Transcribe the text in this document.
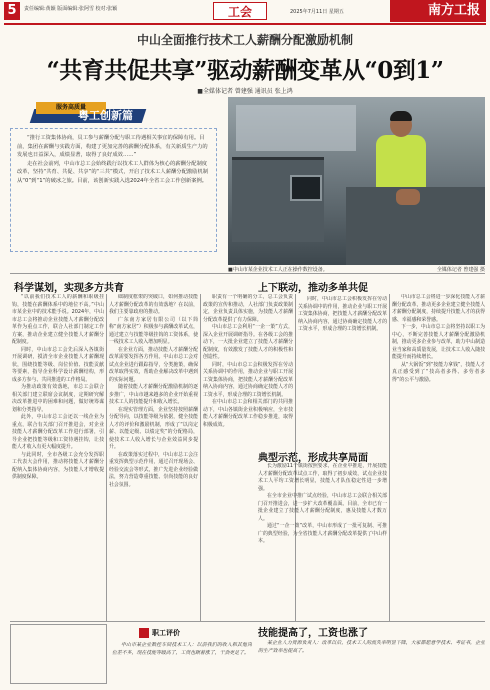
5	责任编辑:黄颖 版面编辑:张阿雪 校对:张颖	工会	2025年7月11日 星期五	南方工报
中山全面推行技术工人薪酬分配激励机制
“共育共促共享”驱动薪酬变革从“0到1”
■全媒体记者 曾建强 通讯员 张上鸿
服务高质量
粤工创新篇

“推行工资集体协商，员工参与薪酬分配与职工待遇相关事宜的保障有用。目前，集团在薪酬与实践方面，构建了更加完善的薪酬分配体系，有关新质生产力的发展也日益深入，成绩显著，取得了良好成效……”

走在社会前列，中山市总工会始终践行以技术工人群体为核心的薪酬分配制度改革，坚持“共育、共促、共享”的“三共”模式，开启了技术工人薪酬分配激励机制从“0”到“1”的破冰之旅。目前，该创新实践入选2024年全省工会工作创新案例。

■中山市某企业技术工人正在操作数控设备。	全媒体记者 曾建强 摄
科学谋划，实现多方共育	上下联动，推动多单共促
典型示范，形成共享局面
技能提高了，工资也涨了

“以前我们技术工人的薪酬和职级挂钩，技能在薪酬体系中的地位不高。”中山市某企业中的技术能手说。2024年，中山市总工会将推动企业技能人才薪酬分配改革作为重点工作，联合人社部门制定工作方案，推动企业建立健全技能人才薪酬分配制度。

同时，中山市总工会先后深入各镇街开展调研，摸清全市企业技能人才薪酬现状，围绕技能等级、岗位价值、技能贡献等要素，指导企业科学设计薪酬结构，形成多方参与、共同推进的工作格局。

为推动政策有效落地，市总工会联合相关部门建立联席会议制度，定期研究解决改革推进中的困难和问题，做好统筹谋划和分类指导。

此外，中山市总工会还以一线企业为重点，联合有关部门召开推进会，对企业技能人才薪酬分配改革工作进行部署，引导企业把技能等级和工资待遇挂钩，让技能人才收入有更大幅度提升。

与此同时，全市各级工会充分发挥职工代表大会作用，推动将技能人才薪酬分配纳入集体协商内容，为技能人才增收提供制度保障。

础制度框架的突破口，如何推动技能人才薪酬分配改革的有效落地？在以前，我们主要靠政府的推动。

广东南方家居有限公司（以下简称“南方家居”）积极参与薪酬改革试点，通过建立与技能等级挂钩的工资体系，使一线技术工人收入增加明显。

在企业方面，推动技能人才薪酬分配改革需要发挥各方作用。中山市总工会对试点企业进行跟踪指导，分类施策，确保改革取得实效，帮助企业解决改革中遇到的实际问题。

随着技能人才薪酬分配激励机制的逐步推广，中山市越来越多的企业开始重视技术工人的技能提升和收入增长。

在现实管理方面，企业坚持按照薪酬分配导向，以技能等级为依据，健全技能人才的评价和激励机制，形成了“以岗定薪、以能定级、以绩定奖”的分配格局，使技术工人收入增长与企业效益同步提升。

在政策落实过程中，中山市总工会注重发挥典型示范作用，通过召开现场会、经验交流会等形式，推广先进企业经验做法，努力营造尊重技能、崇尚技能的良好社会氛围。

职责有一个明确的分工，总工会负责政策的宣传和推动，人社部门负责政策制定，企业负责具体实施，为技能人才薪酬分配改革提供了有力保障。

中山市总工会利用“一企一策”方式，深入企业开展调研指导。在各级工会的推动下，一大批企业建立了技能人才薪酬分配制度，有效激发了技能人才的积极性和创造性。

同时，中山市总工会积极发挥在劳动关系协调中的作用，推动企业与职工开展工资集体协商，把技能人才薪酬分配改革纳入协商内容，通过协商确定技能人才的工资水平，形成合理的工资增长机制。

在中山市总工会和相关部门的共同推动下，中山各镇街企业积极响应，全市技能人才薪酬分配改革工作稳步推进，取得积极成效。

同时，中山市总工会积极发挥在劳动关系协调中的作用，推动企业与职工开展工资集体协商，把技能人才薪酬分配改革纳入协商内容，通过协商确定技能人才的工资水平，形成合理的工资增长机制。

长为激励11个镇街按照要求，在企业中推进，开展技能人才薪酬分配改革试点工作，取得了初步成效，试点企业技术工人平均工资增长明显，技能人才队伍稳定性进一步增强。

在全市企业中推广试点经验，中山市总工会联合相关部门召开推进会，进一步扩大改革覆盖面。目前，全市已有一批企业建立了技能人才薪酬分配制度，惠及技能人才数万人。

通过“一企一策”改革，中山市形成了一批可复制、可推广的典型经验，为全省技能人才薪酬分配改革提供了中山样本。

中山市总工会将进一步深化技能人才薪酬分配改革，推动更多企业建立健全技能人才薪酬分配制度，持续提升技能人才的获得感、幸福感和荣誉感。

下一步，中山市总工会将坚持以职工为中心，不断完善技能人才薪酬分配激励机制，推动更多企业参与改革，助力中山制造业当家和高质量发展，让技术工人收入随技能提升而持续增长。

从“大锅饭”到“按能力拿钱”，技能人才真正感受到了“技高者多得、多劳者多得”的公平与激励。

职工评价

中山市某企业数控车间技术工人：以前我们的收入和其他岗位差不多，现在技能等级高了，工资也跟着涨了，干劲更足了。

某企业人力资源负责人：改革以后，技术工人的流失率明显下降，大家都愿意学技术、考证书，企业的生产效率也提高了。
